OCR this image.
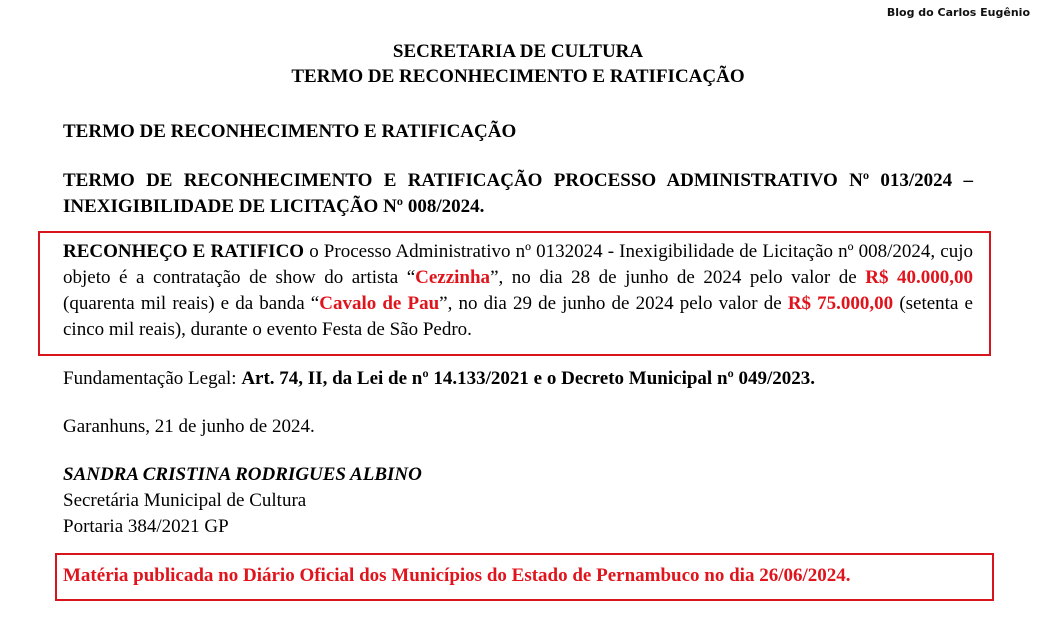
Blog do Carlos Eugênio
SECRETARIA DE CULTURA
TERMO DE RECONHECIMENTO E RATIFICAÇÃO
TERMO DE RECONHECIMENTO E RATIFICAÇÃO
TERMO DE RECONHECIMENTO E RATIFICAÇÃO PROCESSO ADMINISTRATIVO Nº 013/2024 – INEXIGIBILIDADE DE LICITAÇÃO Nº 008/2024.
RECONHEÇO E RATIFICO o Processo Administrativo nº 0132024 - Inexigibilidade de Licitação nº 008/2024, cujo objeto é a contratação de show do artista “Cezzinha”, no dia 28 de junho de 2024 pelo valor de R$ 40.000,00 (quarenta mil reais) e da banda “Cavalo de Pau”, no dia 29 de junho de 2024 pelo valor de R$ 75.000,00 (setenta e cinco mil reais), durante o evento Festa de São Pedro.
Fundamentação Legal: Art. 74, II, da Lei de nº 14.133/2021 e o Decreto Municipal nº 049/2023.
Garanhuns, 21 de junho de 2024.
SANDRA CRISTINA RODRIGUES ALBINO
Secretária Municipal de Cultura
Portaria 384/2021 GP
Matéria publicada no Diário Oficial dos Municípios do Estado de Pernambuco no dia 26/06/2024.
